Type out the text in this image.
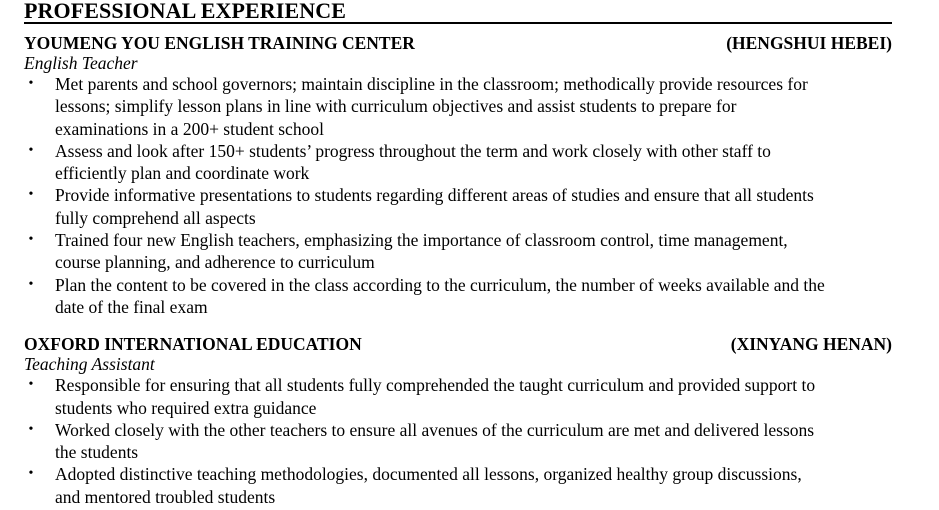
PROFESSIONAL EXPERIENCE
YOUMENG YOU ENGLISH TRAINING CENTER	(HENGSHUI HEBEI)
English Teacher
• Met parents and school governors; maintain discipline in the classroom; methodically provide resources for
lessons; simplify lesson plans in line with curriculum objectives and assist students to prepare for
examinations in a 200+ student school
• Assess and look after 150+ students’ progress throughout the term and work closely with other staff to
efficiently plan and coordinate work
• Provide informative presentations to students regarding different areas of studies and ensure that all students
fully comprehend all aspects
• Trained four new English teachers, emphasizing the importance of classroom control, time management,
course planning, and adherence to curriculum
• Plan the content to be covered in the class according to the curriculum, the number of weeks available and the
date of the final exam
OXFORD INTERNATIONAL EDUCATION	(XINYANG HENAN)
Teaching Assistant
• Responsible for ensuring that all students fully comprehended the taught curriculum and provided support to
students who required extra guidance
• Worked closely with the other teachers to ensure all avenues of the curriculum are met and delivered lessons
the students
• Adopted distinctive teaching methodologies, documented all lessons, organized healthy group discussions,
and mentored troubled students
